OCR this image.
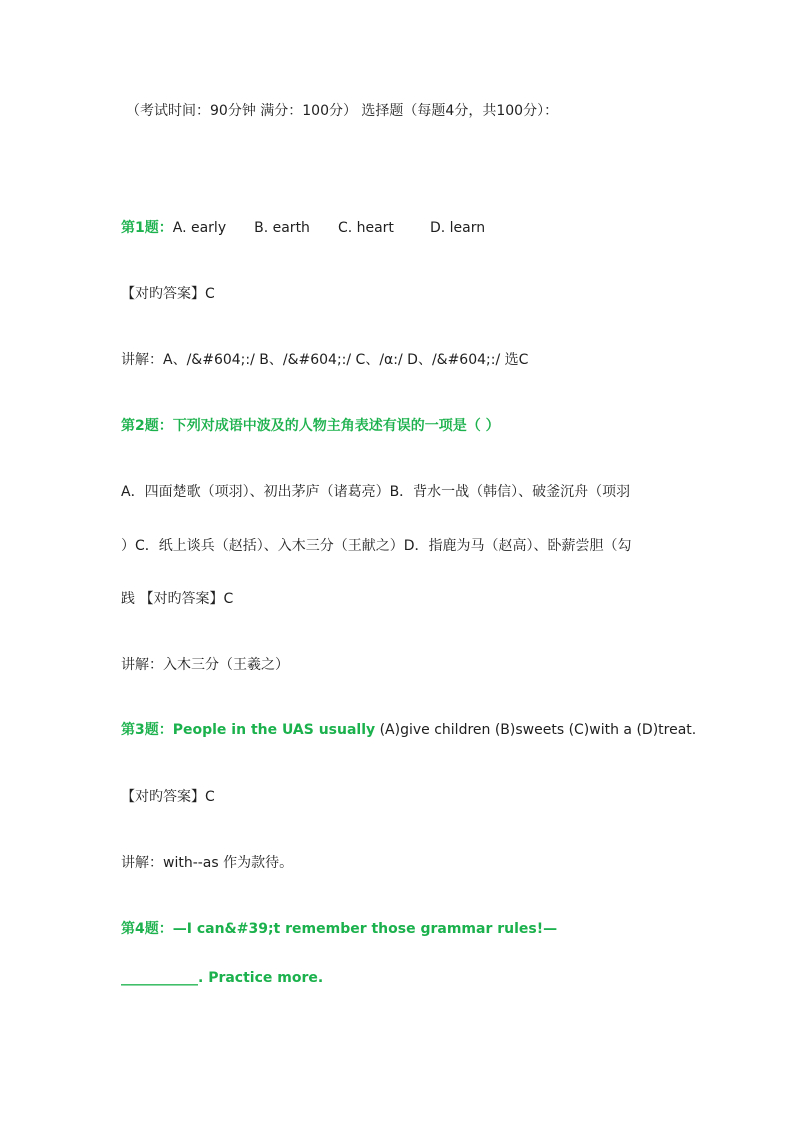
（考试时间：90分钟 满分：100分） 选择题（每题4分，共100分）：
第1题：A. early B. earth C. heart	D. learn
【对旳答案】C
讲解：A、/&#604;:/ B、/&#604;:/ C、/α:/ D、/&#604;:/ 选C
第2题：下列对成语中波及的人物主角表述有误的一项是（ ）
A．四面楚歌（项羽）、初出茅庐（诸葛亮）B．背水一战（韩信）、破釜沉舟（项羽
）C．纸上谈兵（赵括）、入木三分（王献之）D．指鹿为马（赵高）、卧薪尝胆（勾
践 【对旳答案】C
讲解：入木三分（王羲之）
第3题：People in the UAS usually (A)give children (B)sweets (C)with a (D)treat.
【对旳答案】C
讲解：with--as 作为款待。
第4题：—I can&#39;t remember those grammar rules!—
___________. Practice more.
